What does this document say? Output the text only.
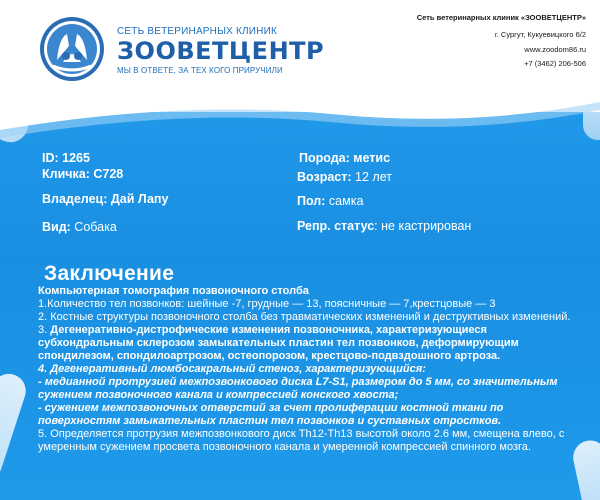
СЕТЬ ВЕТЕРИНАРНЫХ КЛИНИК
ЗООВЕТЦЕНТР
МЫ В ОТВЕТЕ, ЗА ТЕХ КОГО ПРИРУЧИЛИ
Сеть ветеринарных клиник «ЗООВЕТЦЕНТР»
г. Сургут, Кукуевицкого 6/2
www.zoodom86.ru
+7 (3462) 206-506
ID: 1265
Кличка: C728
Владелец: Дай Лапу
Вид: Собака
Порода: метис
Возраст: 12 лет
Пол: самка
Репр. статус: не кастрирован
Заключение

Компьютерная томография позвоночного столба

1.Количество тел позвонков: шейные -7, грудные — 13, поясничные — 7,крестцовые — 3

2. Костные структуры позвоночного столба без травматических изменений и деструктивных изменений.

3. Дегенеративно-дистрофические изменения позвоночника, характеризующиеся субхондральным склерозом замыкательных пластин тел позвонков, деформирующим спондилезом, спондилоартрозом, остеопорозом, крестцово-подвздошного артроза.

4. Дегенеративный люмбосакральный стеноз, характеризующийся:

- медианной протрузией межпозвонкового диска L7-S1, размером до 5 мм, со значительным сужением позвоночного канала и компрессией конского хвоста;

- сужением межпозвоночных отверстий за счет пролиферации костной ткани по поверхностям замыкательных пластин тел позвонков и суставных отростков.

5. Определяется протрузия межпозвонкового диск Th12-Th13 высотой около 2.6 мм, смещена влево, с умеренным сужением просвета позвоночного канала и умеренной компрессией спинного мозга.
